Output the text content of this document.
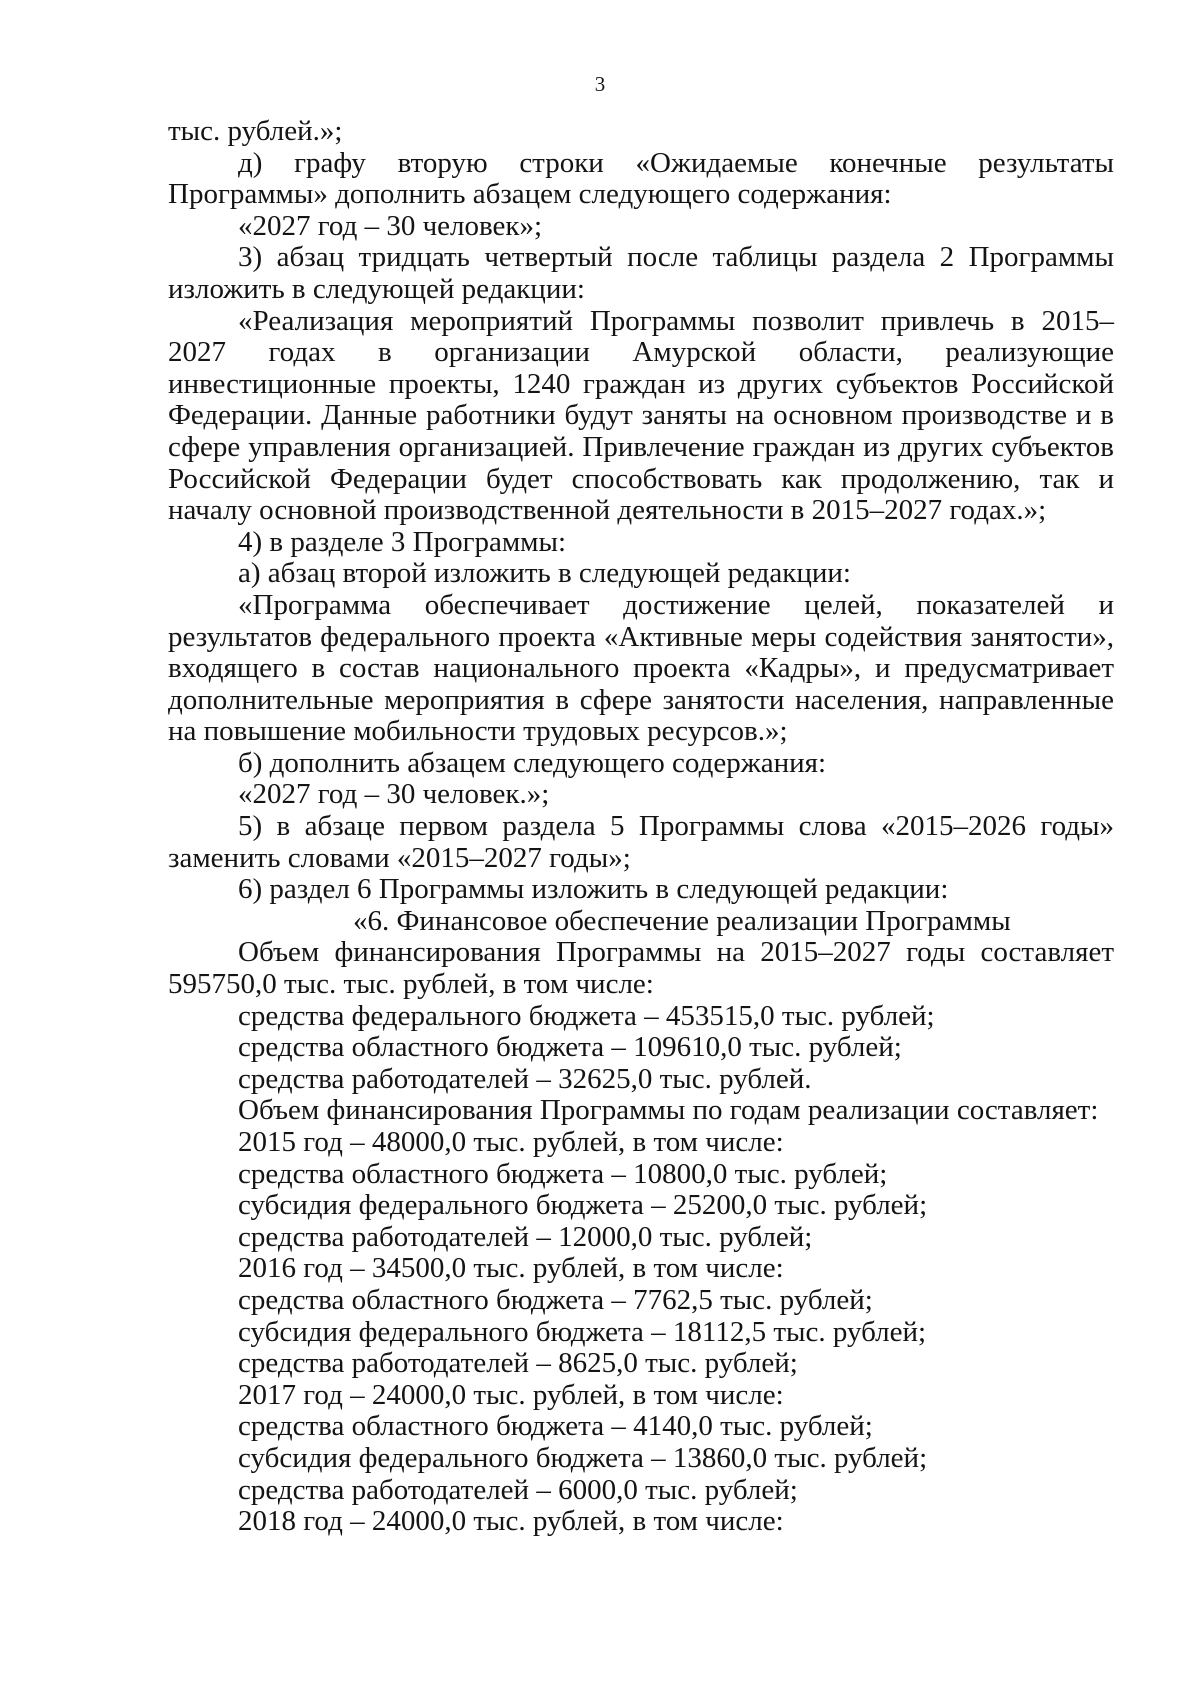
3

тыс. рублей.»;

д) графу вторую строки «Ожидаемые конечные результаты Программы» дополнить абзацем следующего содержания:

«2027 год – 30 человек»;

3) абзац тридцать четвертый после таблицы раздела 2 Программы изложить в следующей редакции:

«Реализация мероприятий Программы позволит привлечь в 2015–2027 годах в организации Амурской области, реализующие инвестиционные проекты, 1240 граждан из других субъектов Российской Федерации. Данные работники будут заняты на основном производстве и в сфере управления организацией. Привлечение граждан из других субъектов Российской Федерации будет способствовать как продолжению, так и началу основной производственной деятельности в 2015–2027 годах.»;

4) в разделе 3 Программы:

а) абзац второй изложить в следующей редакции:

«Программа обеспечивает достижение целей, показателей и результатов федерального проекта «Активные меры содействия занятости», входящего в состав национального проекта «Кадры», и предусматривает дополнительные мероприятия в сфере занятости населения, направленные на повышение мобильности трудовых ресурсов.»;

б) дополнить абзацем следующего содержания:

«2027 год – 30 человек.»;

5) в абзаце первом раздела 5 Программы слова «2015–2026 годы» заменить словами «2015–2027 годы»;

6) раздел 6 Программы изложить в следующей редакции:

«6. Финансовое обеспечение реализации Программы

Объем финансирования Программы на 2015–2027 годы составляет 595750,0 тыс. тыс. рублей, в том числе:

средства федерального бюджета – 453515,0 тыс. рублей;

средства областного бюджета – 109610,0 тыс. рублей;

средства работодателей – 32625,0 тыс. рублей.

Объем финансирования Программы по годам реализации составляет:

2015 год – 48000,0 тыс. рублей, в том числе:

средства областного бюджета – 10800,0 тыс. рублей;

субсидия федерального бюджета – 25200,0 тыс. рублей;

средства работодателей – 12000,0 тыс. рублей;

2016 год – 34500,0 тыс. рублей, в том числе:

средства областного бюджета – 7762,5 тыс. рублей;

субсидия федерального бюджета – 18112,5 тыс. рублей;

средства работодателей – 8625,0 тыс. рублей;

2017 год – 24000,0 тыс. рублей, в том числе:

средства областного бюджета – 4140,0 тыс. рублей;

субсидия федерального бюджета – 13860,0 тыс. рублей;

средства работодателей – 6000,0 тыс. рублей;

2018 год – 24000,0 тыс. рублей, в том числе:
